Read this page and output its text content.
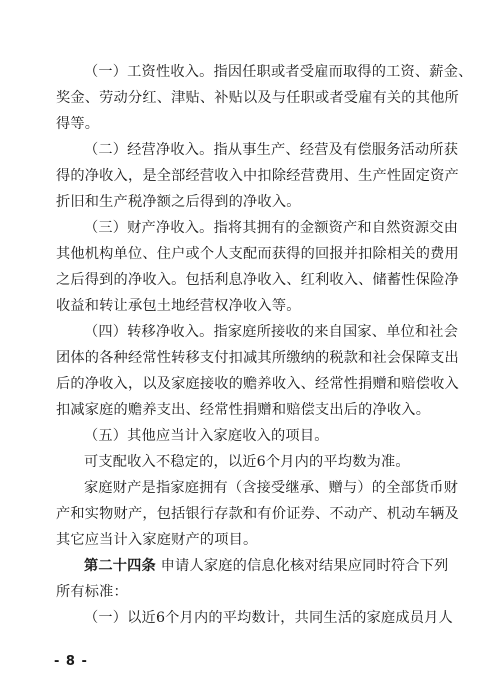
（一）工资性收入。指因任职或者受雇而取得的工资、薪金、
奖金、劳动分红、津贴、补贴以及与任职或者受雇有关的其他所
得等。
（二）经营净收入。指从事生产、经营及有偿服务活动所获
得的净收入，是全部经营收入中扣除经营费用、生产性固定资产
折旧和生产税净额之后得到的净收入。
（三）财产净收入。指将其拥有的金额资产和自然资源交由
其他机构单位、住户或个人支配而获得的回报并扣除相关的费用
之后得到的净收入。包括利息净收入、红利收入、储蓄性保险净
收益和转让承包土地经营权净收入等。
（四）转移净收入。指家庭所接收的来自国家、单位和社会
团体的各种经常性转移支付扣减其所缴纳的税款和社会保障支出
后的净收入，以及家庭接收的赡养收入、经常性捐赠和赔偿收入
扣减家庭的赡养支出、经常性捐赠和赔偿支出后的净收入。
（五）其他应当计入家庭收入的项目。
可支配收入不稳定的，以近6个月内的平均数为准。
家庭财产是指家庭拥有（含接受继承、赠与）的全部货币财
产和实物财产，包括银行存款和有价证券、不动产、机动车辆及
其它应当计入家庭财产的项目。
第二十四条 申请人家庭的信息化核对结果应同时符合下列
所有标准：
（一）以近6个月内的平均数计，共同生活的家庭成员月人
- 8 -
